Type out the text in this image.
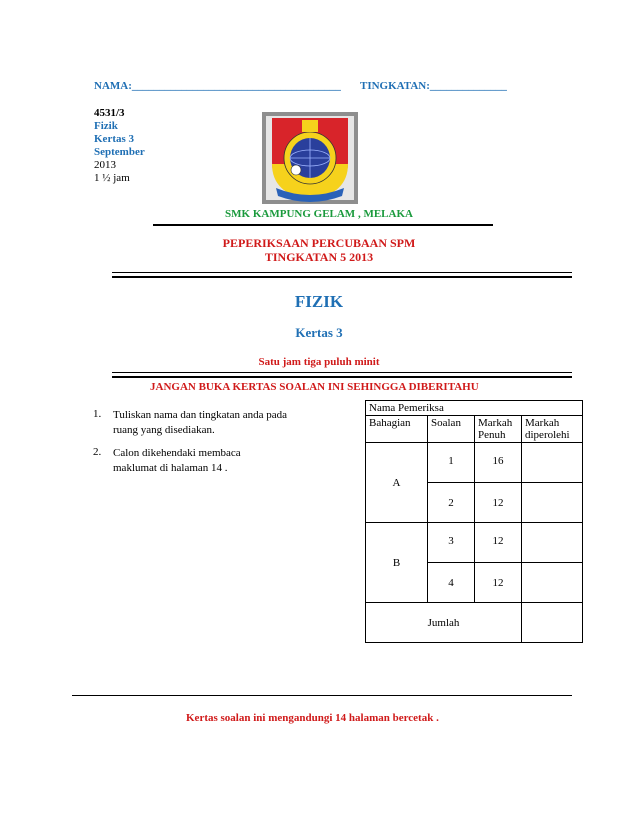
NAMA:______________________________________ TINGKATAN:______________
4531/3
Fizik
Kertas 3
September
2013
1 ½ jam
SMK KAMPUNG GELAM , MELAKA
PEPERIKSAAN PERCUBAAN SPM
TINGKATAN 5 2013
FIZIK
Kertas 3
Satu jam tiga puluh minit
JANGAN BUKA KERTAS SOALAN INI SEHINGGA DIBERITAHU
1. Tuliskan nama dan tingkatan anda pada ruang yang disediakan.
2. Calon dikehendaki membaca maklumat di halaman 14 .
Nama Pemeriksa			
Bahagian	Soalan	Markah Penuh	Markah diperolehi
A	1	16	
	2	12	
B	3	12	
	4	12	
Jumlah			
Kertas soalan ini mengandungi 14 halaman bercetak .
